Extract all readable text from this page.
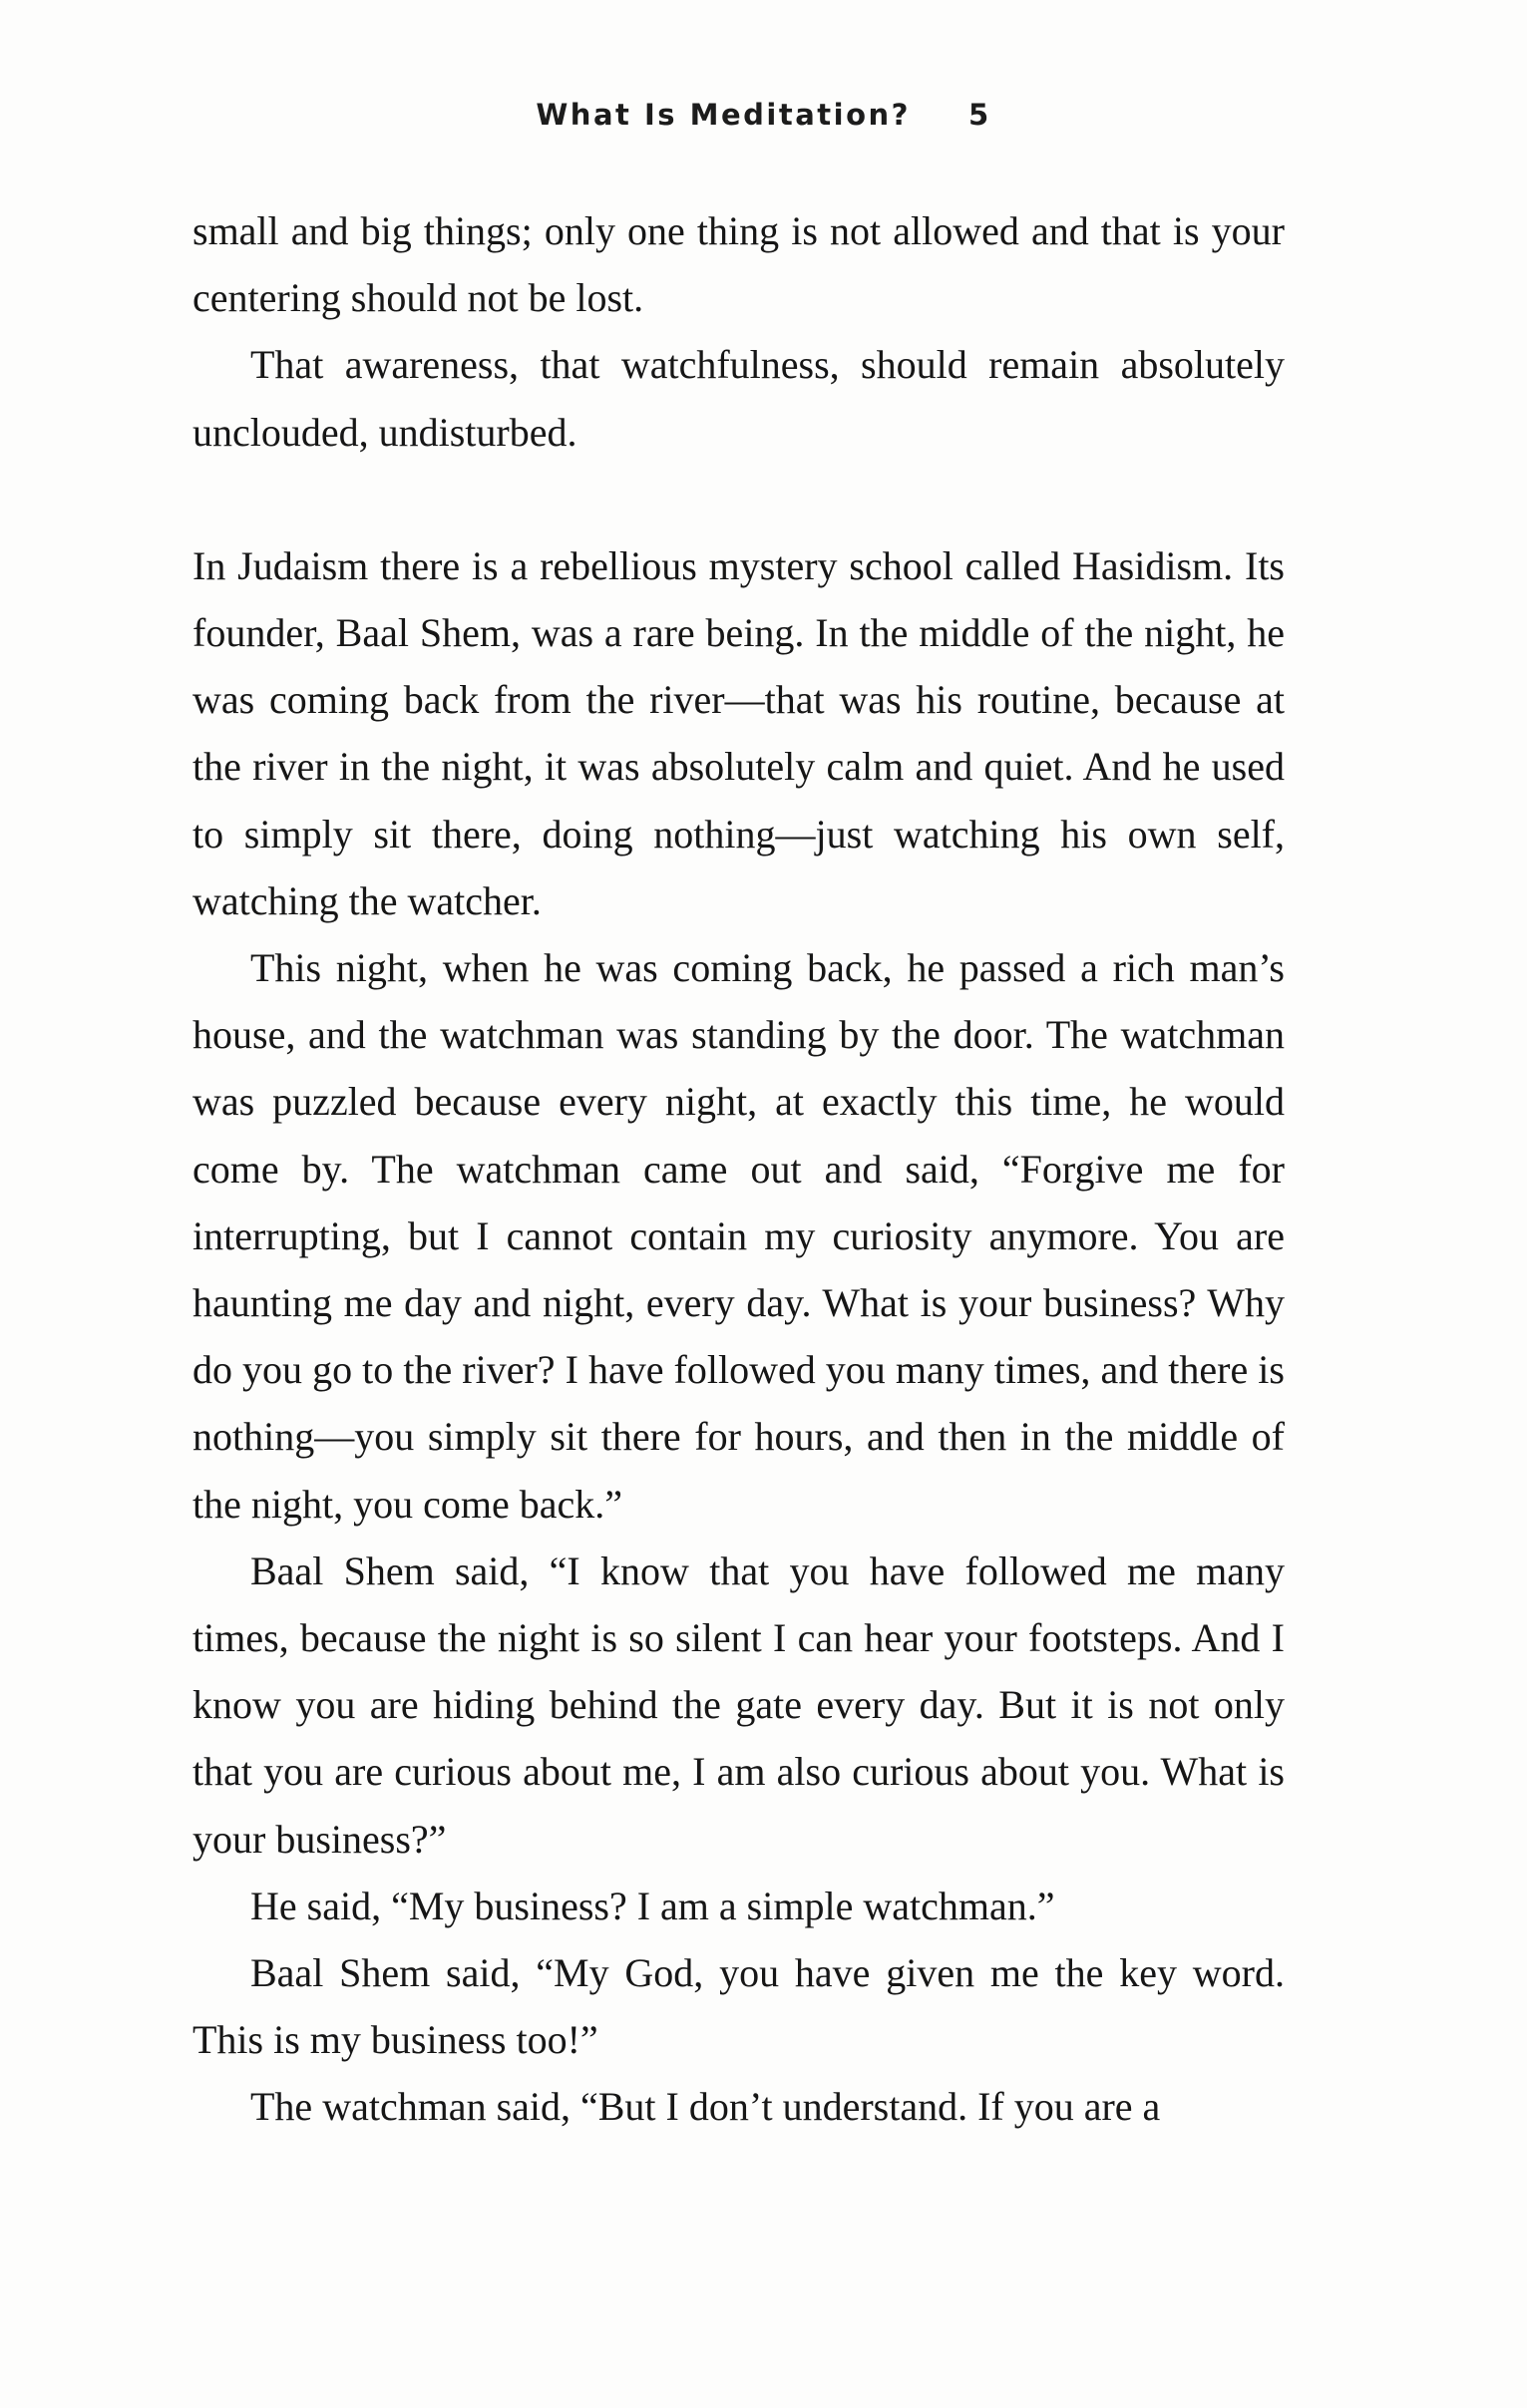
What Is Meditation? 5

small and big things; only one thing is not allowed and that is your centering should not be lost.

That awareness, that watchfulness, should remain absolutely unclouded, undisturbed.

In Judaism there is a rebellious mystery school called Hasidism. Its founder, Baal Shem, was a rare being. In the middle of the night, he was coming back from the river—that was his routine, because at the river in the night, it was absolutely calm and quiet. And he used to simply sit there, doing nothing—just watching his own self, watching the watcher.

This night, when he was coming back, he passed a rich man’s house, and the watchman was standing by the door. The watchman was puzzled because every night, at exactly this time, he would come by. The watchman came out and said, “Forgive me for interrupting, but I cannot contain my curiosity anymore. You are haunting me day and night, every day. What is your business? Why do you go to the river? I have followed you many times, and there is nothing—you simply sit there for hours, and then in the middle of the night, you come back.”

Baal Shem said, “I know that you have followed me many times, because the night is so silent I can hear your footsteps. And I know you are hiding behind the gate every day. But it is not only that you are curious about me, I am also curious about you. What is your business?”

He said, “My business? I am a simple watchman.”

Baal Shem said, “My God, you have given me the key word. This is my business too!”

The watchman said, “But I don’t understand. If you are a
